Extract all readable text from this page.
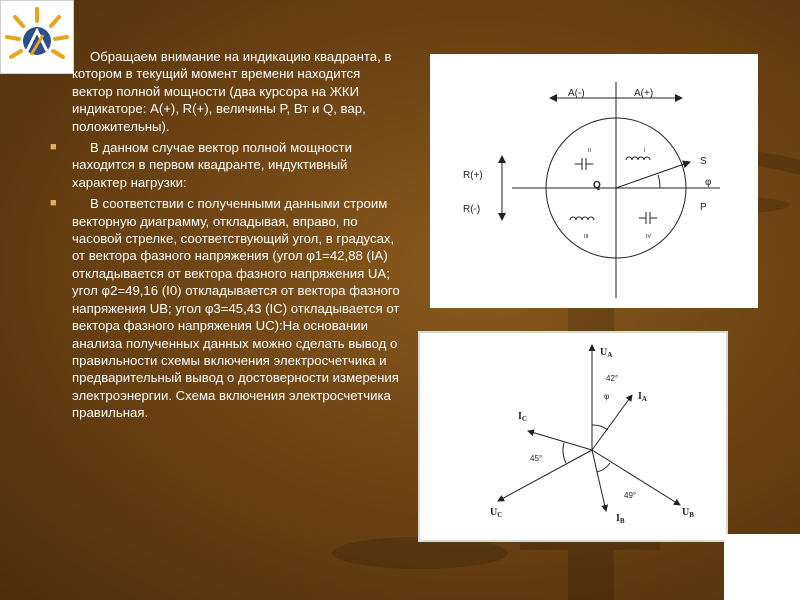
Обращаем внимание на индикацию квадранта, в котором в текущий момент времени находится вектор полной мощности (два курсора на ЖКИ индикаторе: A(+), R(+), величины P, Вт и Q, вар, положительны).

■	В данном случае вектор полной мощности находится в первом квадранте, индуктивный характер нагрузки:

■	В соответствии с полученными данными строим векторную диаграмму, откладывая, вправо, по часовой стрелке, соответствующий угол, в градусах, от вектора фазного напряжения (угол φ1=42,88 (IA) откладывается от вектора фазного напряжения UA; угол φ2=49,16 (I0) откладывается от вектора фазного напряжения UB; угол φ3=45,43 (IC) откладывается от вектора фазного напряжения UC):На основании анализа полученных данных можно сделать вывод о правильности схемы включения электросчетчика и предварительный вывод о достоверности измерения электроэнергии. Схема включения электросчетчика правильная.

A(-)	A(+)
R(+)
R(-)
Q
S
φ
P
II	I
III	IV
$U_A$
$I_A$
$I_C$
$U_C$	$I_B$
$U_B$
42°
φ
45°
49°
